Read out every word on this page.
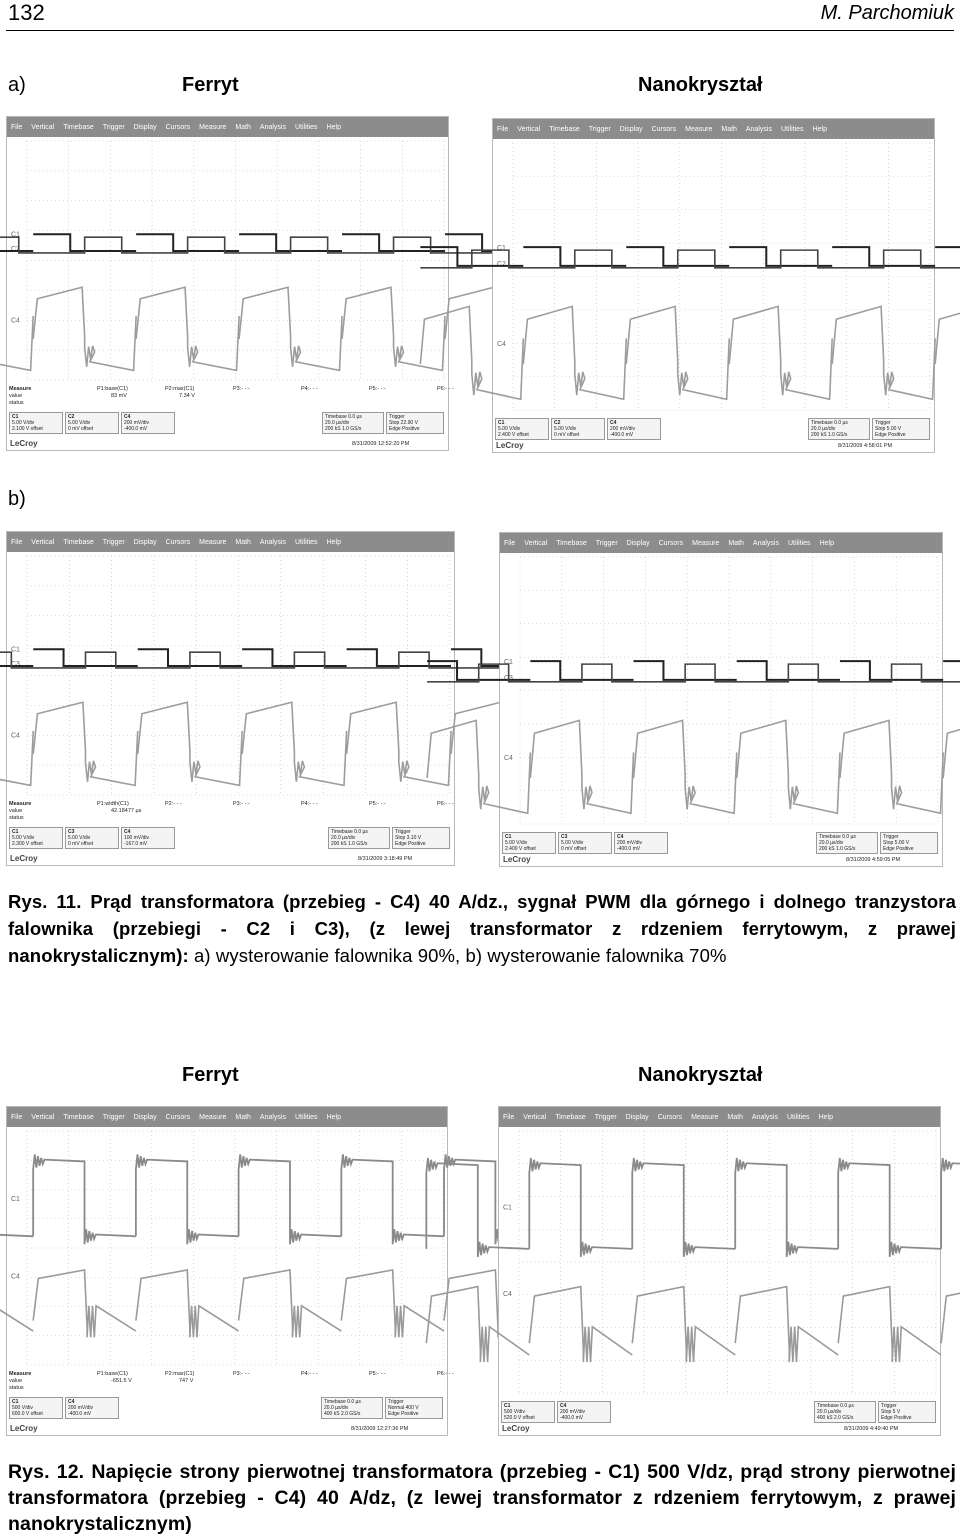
132	M. Parchomiuk
a)	Ferryt	Nanokryształ
b)
File Vertical Timebase Trigger Display Cursors Measure Math Analysis Utilities Help
C1
C2
C4
Measure
value
status
P1:base(C1)	P2:max(C1)	P3:- - -	P4:- - -	P5:- - -	P6:- - -
83 mV	7.34 V
C1
5.00 V/div
2.100 V offset
C2
5.00 V/div
0 mV offset
C4
200 mV/div
-400.0 mV
Timebase 0.0 µs
20.0 µs/div
200 kS 1.0 GS/s
Trigger
Stop 22.90 V
Edge Positive
LeCroy	8/31/2009 12:52:20 PM
File Vertical Timebase Trigger Display Cursors Measure Math Analysis Utilities Help
C1
C2
C4
C1
5.00 V/div
2.400 V offset
C2
5.00 V/div
0 mV offset
C4
200 mV/div
-400.0 mV
Timebase 0.0 µs
20.0 µs/div
200 kS 1.0 GS/s
Trigger
Stop 5.00 V
Edge Positive
LeCroy	8/31/2009 4:58:01 PM
File Vertical Timebase Trigger Display Cursors Measure Math Analysis Utilities Help
C1
C3
C4
Measure
value
status
P1:width(C1)	P2:- - -	P3:- - -	P4:- - -	P5:- - -	P6:- - -
42.18477 µs
C1
5.00 V/div
2.300 V offset
C3
5.00 V/div
0 mV offset
C4
100 mV/div
-167.0 mV
Timebase 0.0 µs
20.0 µs/div
200 kS 1.0 GS/s
Trigger
Stop 3.10 V
Edge Positive
LeCroy	8/31/2009 3:18:49 PM
File Vertical Timebase Trigger Display Cursors Measure Math Analysis Utilities Help
C1
C3
C4
C1
5.00 V/div
2.400 V offset
C3
5.00 V/div
0 mV offset
C4
200 mV/div
-400.0 mV
Timebase 0.0 µs
20.0 µs/div
200 kS 1.0 GS/s
Trigger
Stop 5.00 V
Edge Positive
LeCroy	8/31/2009 4:59:05 PM
Rys. 11. Prąd transformatora (przebieg - C4) 40 A/dz., sygnał PWM dla górnego i dolnego tranzystora falownika (przebiegi - C2 i C3), (z lewej transformator z rdzeniem ferrytowym, z prawej nanokrystalicznym): a) wysterowanie falownika 90%, b) wysterowanie falownika 70%
Ferryt	Nanokryształ
File Vertical Timebase Trigger Display Cursors Measure Math Analysis Utilities Help
C1
C4
Measure
value
status
P1:base(C1)	P2:max(C1)	P3:- - -	P4:- - -	P5:- - -	P6:- - -
-651.5 V	747 V
C1
500 V/div
600.0 V offset
C4
200 mV/div
-400.0 mV
Timebase 0.0 µs
20.0 µs/div
400 kS 2.0 GS/s
Trigger
Normal 400 V
Edge Positive
LeCroy	8/31/2009 12:27:36 PM
File Vertical Timebase Trigger Display Cursors Measure Math Analysis Utilities Help
C1
C4
C1
500 V/div
520.0 V offset
C4
200 mV/div
-400.0 mV
Timebase 0.0 µs
20.0 µs/div
400 kS 2.0 GS/s
Trigger
Stop 5 V
Edge Positive
LeCroy	8/31/2009 4:49:40 PM
Rys. 12. Napięcie strony pierwotnej transformatora (przebieg - C1) 500 V/dz, prąd strony pierwotnej transformatora (przebieg - C4) 40 A/dz, (z lewej transformator z rdzeniem ferrytowym, z prawej nanokrystalicznym)
